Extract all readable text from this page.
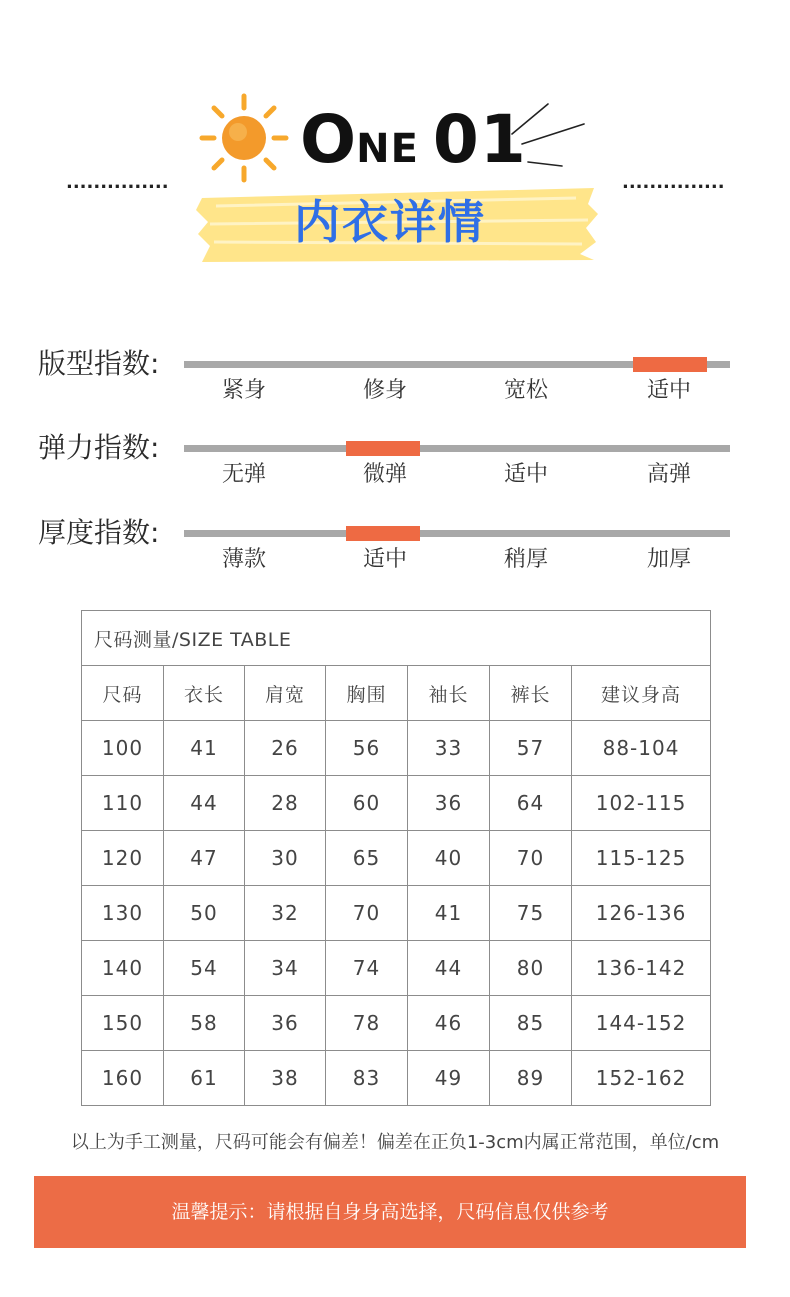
ONE 01
...............	...............
内衣详情
版型指数:
紧身	修身	宽松	适中
弹力指数:
无弹	微弹	适中	高弹
厚度指数:
薄款	适中	稍厚	加厚
尺码测量/SIZE TABLE						
尺码	衣长	肩宽	胸围	袖长	裤长	建议身高
100	41	26	56	33	57	88-104
110	44	28	60	36	64	102-115
120	47	30	65	40	70	115-125
130	50	32	70	41	75	126-136
140	54	34	74	44	80	136-142
150	58	36	78	46	85	144-152
160	61	38	83	49	89	152-162
以上为手工测量，尺码可能会有偏差！偏差在正负1-3cm内属正常范围，单位/cm
温馨提示：请根据自身身高选择，尺码信息仅供参考
